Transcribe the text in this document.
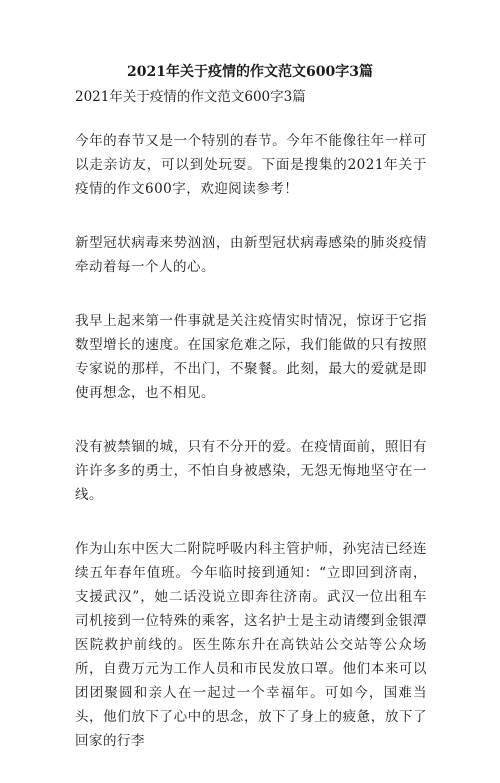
2021年关于疫情的作文范文600字3篇
2021年关于疫情的作文范文600字3篇

今年的春节又是一个特别的春节。今年不能像往年一样可以走亲访友，可以到处玩耍。下面是搜集的2021年关于疫情的作文600字，欢迎阅读参考！

新型冠状病毒来势汹汹，由新型冠状病毒感染的肺炎疫情牵动着每一个人的心。

我早上起来第一件事就是关注疫情实时情况，惊讶于它指数型增长的速度。在国家危难之际，我们能做的只有按照专家说的那样，不出门，不聚餐。此刻，最大的爱就是即使再想念，也不相见。

没有被禁锢的城，只有不分开的爱。在疫情面前，照旧有许许多多的勇士，不怕自身被感染，无怨无悔地坚守在一线。

作为山东中医大二附院呼吸内科主管护师，孙宪洁已经连续五年春年值班。今年临时接到通知：“立即回到济南，支援武汉”，她二话没说立即奔往济南。武汉一位出租车司机接到一位特殊的乘客，这名护士是主动请缨到金银潭医院救护前线的。医生陈东升在高铁站公交站等公众场所，自费万元为工作人员和市民发放口罩。他们本来可以团团聚圆和亲人在一起过一个幸福年。可如今，国难当头，他们放下了心中的思念，放下了身上的疲惫，放下了回家的行李
